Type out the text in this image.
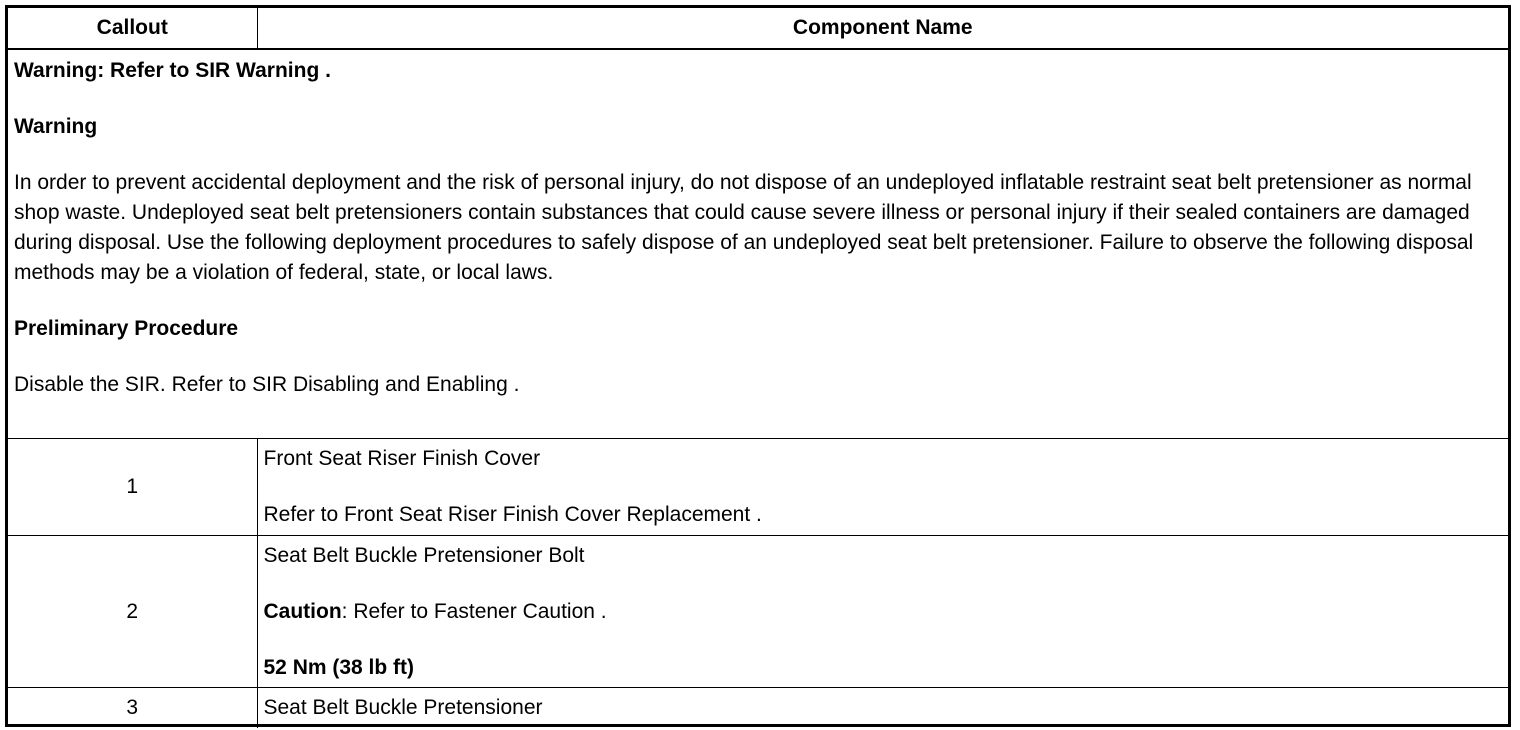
Callout	Component Name

Warning: Refer to SIR Warning .

Warning

In order to prevent accidental deployment and the risk of personal injury, do not dispose of an undeployed inflatable restraint seat belt pretensioner as normal shop waste. Undeployed seat belt pretensioners contain substances that could cause severe illness or personal injury if their sealed containers are damaged during disposal. Use the following deployment procedures to safely dispose of an undeployed seat belt pretensioner. Failure to observe the following disposal methods may be a violation of federal, state, or local laws.

Preliminary Procedure

Disable the SIR. Refer to SIR Disabling and Enabling .	

1	Front Seat Riser Finish Cover

Refer to Front Seat Riser Finish Cover Replacement .

2	Seat Belt Buckle Pretensioner Bolt

Caution: Refer to Fastener Caution .

52 Nm (38 lb ft)

3	Seat Belt Buckle Pretensioner
